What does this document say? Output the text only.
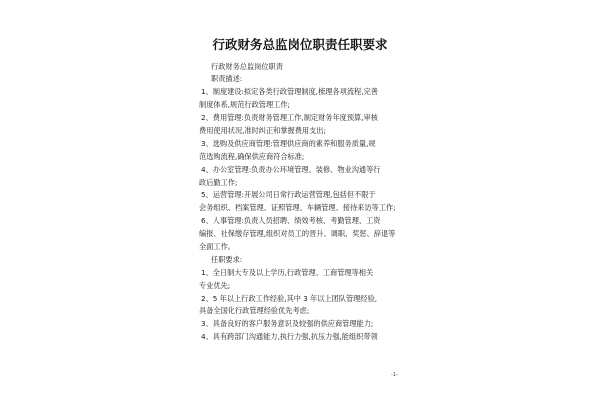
行政财务总监岗位职责任职要求
行政财务总监岗位职责
职责描述:
1、制度建设:拟定各类行政管理制度,梳理各项流程,完善
制度体系,规范行政管理工作;
2、费用管理:负责财务管理工作,制定财务年度预算,审核
费用使用状况,准时纠正和掌握费用支出;
3、选购及供应商管理:管理供应商的素养和服务质量,规
范选购流程,确保供应商符合标准;
4、办公室管理:负责办公环境管理、装修、物业沟通等行
政后勤工作;
5、运营管理:开展公司日常行政运营管理,包括但不限于
会务组织、档案管理、证照管理、车辆管理、接待来访等工作;
6、人事管理:负责人员招聘、绩效考核、考勤管理、工资
编报、社保缴存管理,组织对员工的晋升、调职、奖惩、辞退等
全面工作。
任职要求:
1、全日制大专及以上学历,行政管理、工商管理等相关
专业优先;
2、5 年以上行政工作经验,其中 3 年以上团队管理经验,
具备全国化行政管理经验优先考虑;
3、具备良好的客户服务意识及较强的供应商管理能力;
4、具有跨部门沟通能力,执行力强,抗压力强,能组织带领
-1-
